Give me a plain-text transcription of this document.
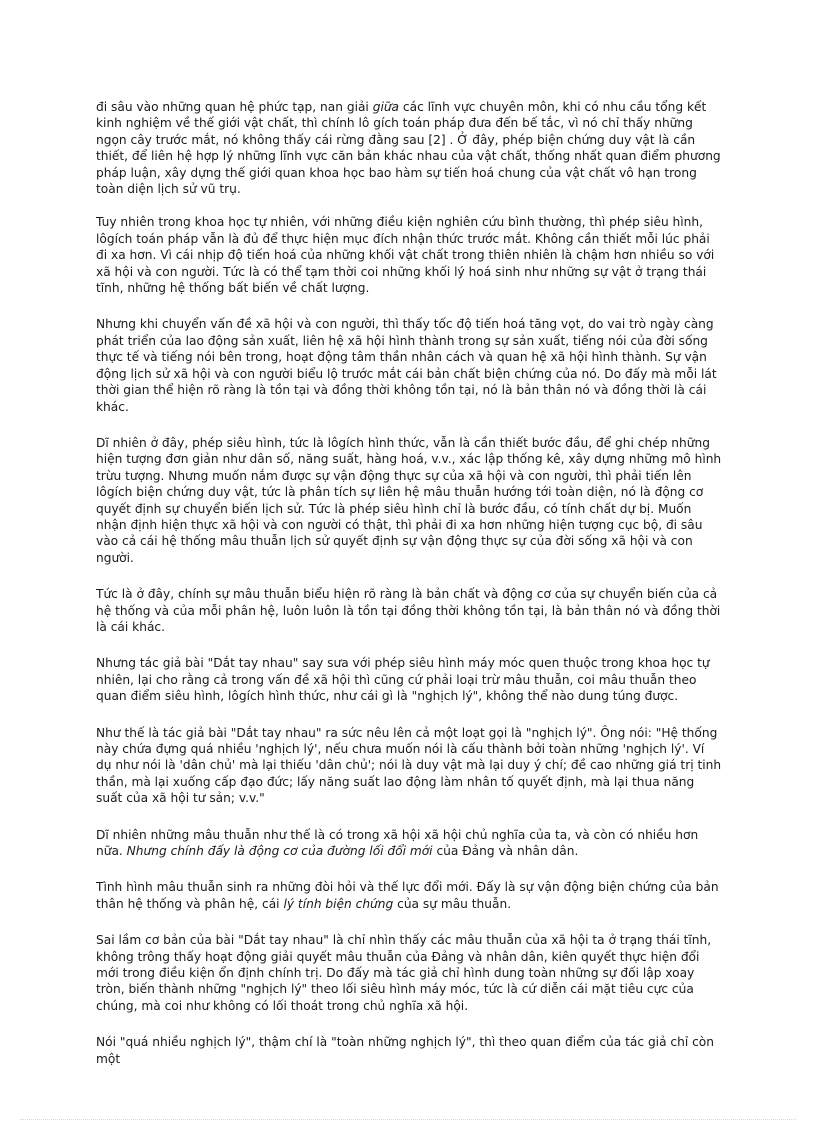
đi sâu vào những quan hệ phức tạp, nan giải giữa các lĩnh vực chuyên môn, khi có nhu cầu tổng kết kinh nghiệm về thế giới vật chất, thì chính lô gích toán pháp đưa đến bế tắc, vì nó chỉ thấy những ngọn cây trước mắt, nó không thấy cái rừng đằng sau [2] . Ở đây, phép biện chứng duy vật là cần thiết, để liên hệ hợp lý những lĩnh vực căn bản khác nhau của vật chất, thống nhất quan điểm phương pháp luận, xây dựng thế giới quan khoa học bao hàm sự tiến hoá chung của vật chất vô hạn trong toàn diện lịch sử vũ trụ.

Tuy nhiên trong khoa học tự nhiên, với những điều kiện nghiên cứu bình thường, thì phép siêu hình, lôgích toán pháp vẫn là đủ để thực hiện mục đích nhận thức trước mắt. Không cần thiết mỗi lúc phải đi xa hơn. Vì cái nhịp độ tiến hoá của những khối vật chất trong thiên nhiên là chậm hơn nhiều so với xã hội và con người. Tức là có thể tạm thời coi những khối lý hoá sinh như những sự vật ở trạng thái tĩnh, những hệ thống bất biến về chất lượng.

Nhưng khi chuyển vấn đề xã hội và con người, thì thấy tốc độ tiến hoá tăng vọt, do vai trò ngày càng phát triển của lao động sản xuất, liên hệ xã hội hình thành trong sự sản xuất, tiếng nói của đời sống thực tế và tiếng nói bên trong, hoạt động tâm thần nhân cách và quan hệ xã hội hình thành. Sự vận động lịch sử xã hội và con người biểu lộ trước mắt cái bản chất biện chứng của nó. Do đấy mà mỗi lát thời gian thể hiện rõ ràng là tồn tại và đồng thời không tồn tại, nó là bản thân nó và đồng thời là cái khác.

Dĩ nhiên ở đây, phép siêu hình, tức là lôgích hình thức, vẫn là cần thiết bước đầu, để ghi chép những hiện tượng đơn giản như dân số, năng suất, hàng hoá, v.v., xác lập thống kê, xây dựng những mô hình trừu tượng. Nhưng muốn nắm được sự vận động thực sự của xã hội và con người, thì phải tiến lên lôgích biện chứng duy vật, tức là phân tích sự liên hệ mâu thuẫn hướng tới toàn diện, nó là động cơ quyết định sự chuyển biến lịch sử. Tức là phép siêu hình chỉ là bước đầu, có tính chất dự bị. Muốn nhận định hiện thực xã hội và con người có thật, thì phải đi xa hơn những hiện tượng cục bộ, đi sâu vào cả cái hệ thống mâu thuẫn lịch sử quyết định sự vận động thực sự của đời sống xã hội và con người.

Tức là ở đây, chính sự mâu thuẫn biểu hiện rõ ràng là bản chất và động cơ của sự chuyển biến của cả hệ thống và của mỗi phân hệ, luôn luôn là tồn tại đồng thời không tồn tại, là bản thân nó và đồng thời là cái khác.

Nhưng tác giả bài "Dắt tay nhau" say sưa với phép siêu hình máy móc quen thuộc trong khoa học tự nhiên, lại cho rằng cả trong vấn đề xã hội thì cũng cứ phải loại trừ mâu thuẫn, coi mâu thuẫn theo quan điểm siêu hình, lôgích hình thức, như cái gì là "nghịch lý", không thể nào dung túng được.

Như thế là tác giả bài "Dắt tay nhau" ra sức nêu lên cả một loạt gọi là "nghịch lý". Ông nói: "Hệ thống này chứa đựng quá nhiều 'nghịch lý', nếu chưa muốn nói là cấu thành bởi toàn những 'nghịch lý'. Ví dụ như nói là 'dân chủ' mà lại thiếu 'dân chủ'; nói là duy vật mà lại duy ý chí; đề cao những giá trị tinh thần, mà lại xuống cấp đạo đức; lấy năng suất lao động làm nhân tố quyết định, mà lại thua năng suất của xã hội tư sản; v.v."

Dĩ nhiên những mâu thuẫn như thế là có trong xã hội xã hội chủ nghĩa của ta, và còn có nhiều hơn nữa. Nhưng chính đấy là động cơ của đường lối đổi mới của Đảng và nhân dân.

Tình hình mâu thuẫn sinh ra những đòi hỏi và thế lực đổi mới. Đấy là sự vận động biện chứng của bản thân hệ thống và phân hệ, cái lý tính biện chứng của sự mâu thuẫn.

Sai lầm cơ bản của bài "Dắt tay nhau" là chỉ nhìn thấy các mâu thuẫn của xã hội ta ở trạng thái tĩnh, không trông thấy hoạt động giải quyết mâu thuẫn của Đảng và nhân dân, kiên quyết thực hiện đổi mới trong điều kiện ổn định chính trị. Do đấy mà tác giả chỉ hình dung toàn những sự đối lập xoay tròn, biến thành những "nghịch lý" theo lối siêu hình máy móc, tức là cứ diễn cái mặt tiêu cực của chúng, mà coi như không có lối thoát trong chủ nghĩa xã hội.

Nói "quá nhiều nghịch lý", thậm chí là "toàn những nghịch lý", thì theo quan điểm của tác giả chỉ còn một
